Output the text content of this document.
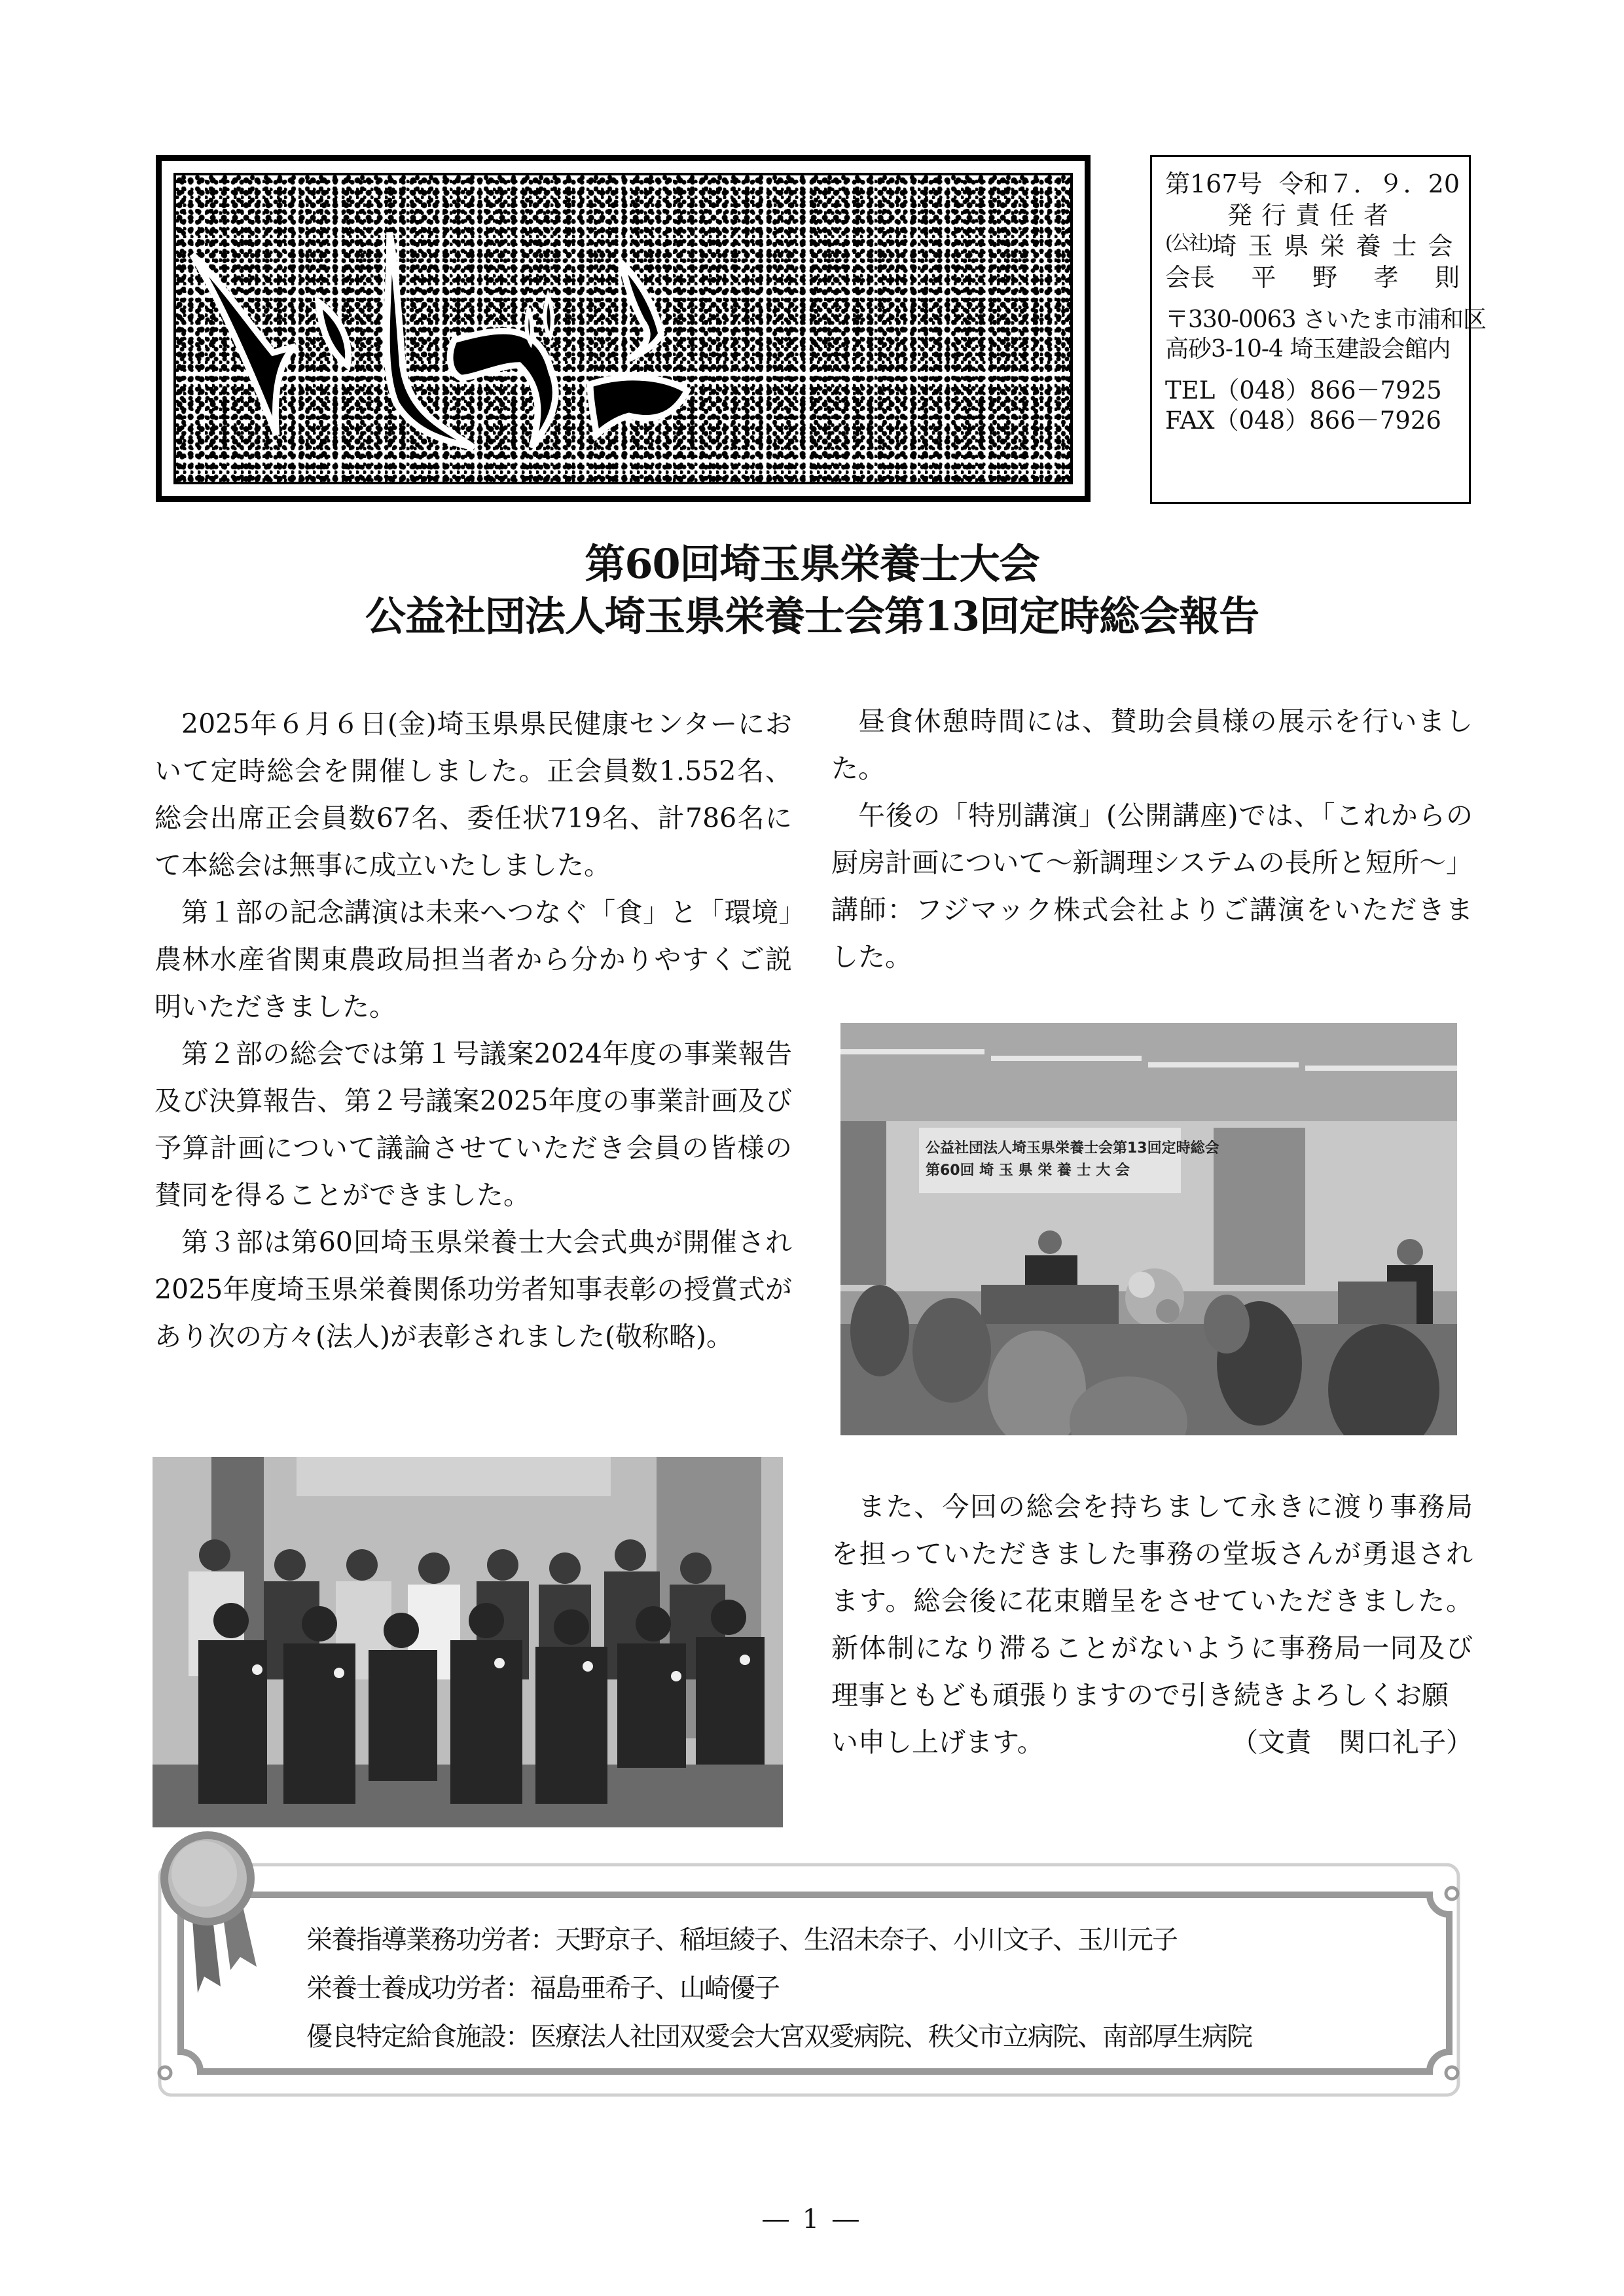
第167号 令和７．９．20
発行責任者
(公社) 埼玉県栄養士会
会長 平 野 孝 則
〒330-0063 さいたま市浦和区
高砂3-10-4 埼玉建設会館内
TEL（048）866－7925
FAX（048）866－7926
第60回埼玉県栄養士大会
公益社団法人埼玉県栄養士会第13回定時総会報告

2025年６月６日(金)埼玉県県民健康センターにおいて定時総会を開催しました。正会員数1.552名、総会出席正会員数67名、委任状719名、計786名にて本総会は無事に成立いたしました。

第１部の記念講演は未来へつなぐ「食」と「環境」農林水産省関東農政局担当者から分かりやすくご説明いただきました。

第２部の総会では第１号議案2024年度の事業報告及び決算報告、第２号議案2025年度の事業計画及び予算計画について議論させていただき会員の皆様の賛同を得ることができました。

第３部は第60回埼玉県栄養士大会式典が開催され2025年度埼玉県栄養関係功労者知事表彰の授賞式があり次の方々(法人)が表彰されました(敬称略)。

昼食休憩時間には、賛助会員様の展示を行いました。

午後の「特別講演」(公開講座)では、「これからの厨房計画について～新調理システムの長所と短所～」講師：フジマック株式会社よりご講演をいただきました。

公益社団法人埼玉県栄養士会第13回定時総会
第60回 埼 玉 県 栄 養 士 大 会

また、今回の総会を持ちまして永きに渡り事務局を担っていただきました事務の堂坂さんが勇退されます。総会後に花束贈呈をさせていただきました。新体制になり滞ることがないように事務局一同及び理事ともども頑張りますので引き続きよろしくお願

い申し上げます。	（文責　関口礼子）

栄養指導業務功労者：天野京子、稲垣綾子、生沼未奈子、小川文子、玉川元子
栄養士養成功労者：福島亜希子、山崎優子
優良特定給食施設：医療法人社団双愛会大宮双愛病院、秩父市立病院、南部厚生病院
― 1 ―
